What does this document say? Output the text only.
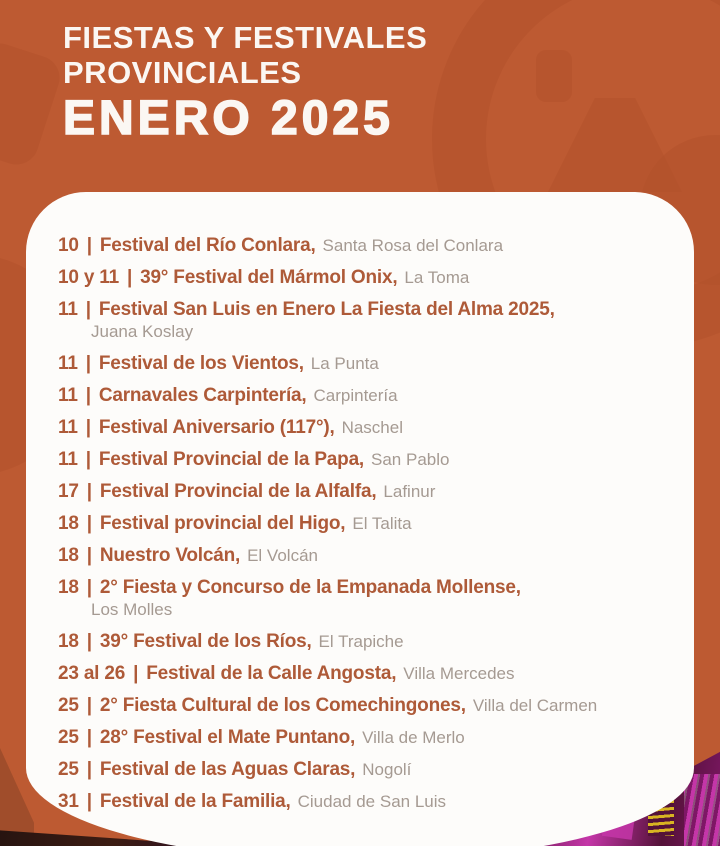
FIESTAS Y FESTIVALES
PROVINCIALES
ENERO 2025
10 | Festival del Río Conlara, Santa Rosa del Conlara
10 y 11 | 39° Festival del Mármol Onix, La Toma
11 | Festival San Luis en Enero La Fiesta del Alma 2025,
Juana Koslay
11 | Festival de los Vientos, La Punta
11 | Carnavales Carpintería, Carpintería
11 | Festival Aniversario (117°), Naschel
11 | Festival Provincial de la Papa, San Pablo
17 | Festival Provincial de la Alfalfa, Lafinur
18 | Festival provincial del Higo, El Talita
18 | Nuestro Volcán, El Volcán
18 | 2° Fiesta y Concurso de la Empanada Mollense,
Los Molles
18 | 39° Festival de los Ríos, El Trapiche
23 al 26 | Festival de la Calle Angosta, Villa Mercedes
25 | 2° Fiesta Cultural de los Comechingones, Villa del Carmen
25 | 28° Festival el Mate Puntano, Villa de Merlo
25 | Festival de las Aguas Claras, Nogolí
31 | Festival de la Familia, Ciudad de San Luis
